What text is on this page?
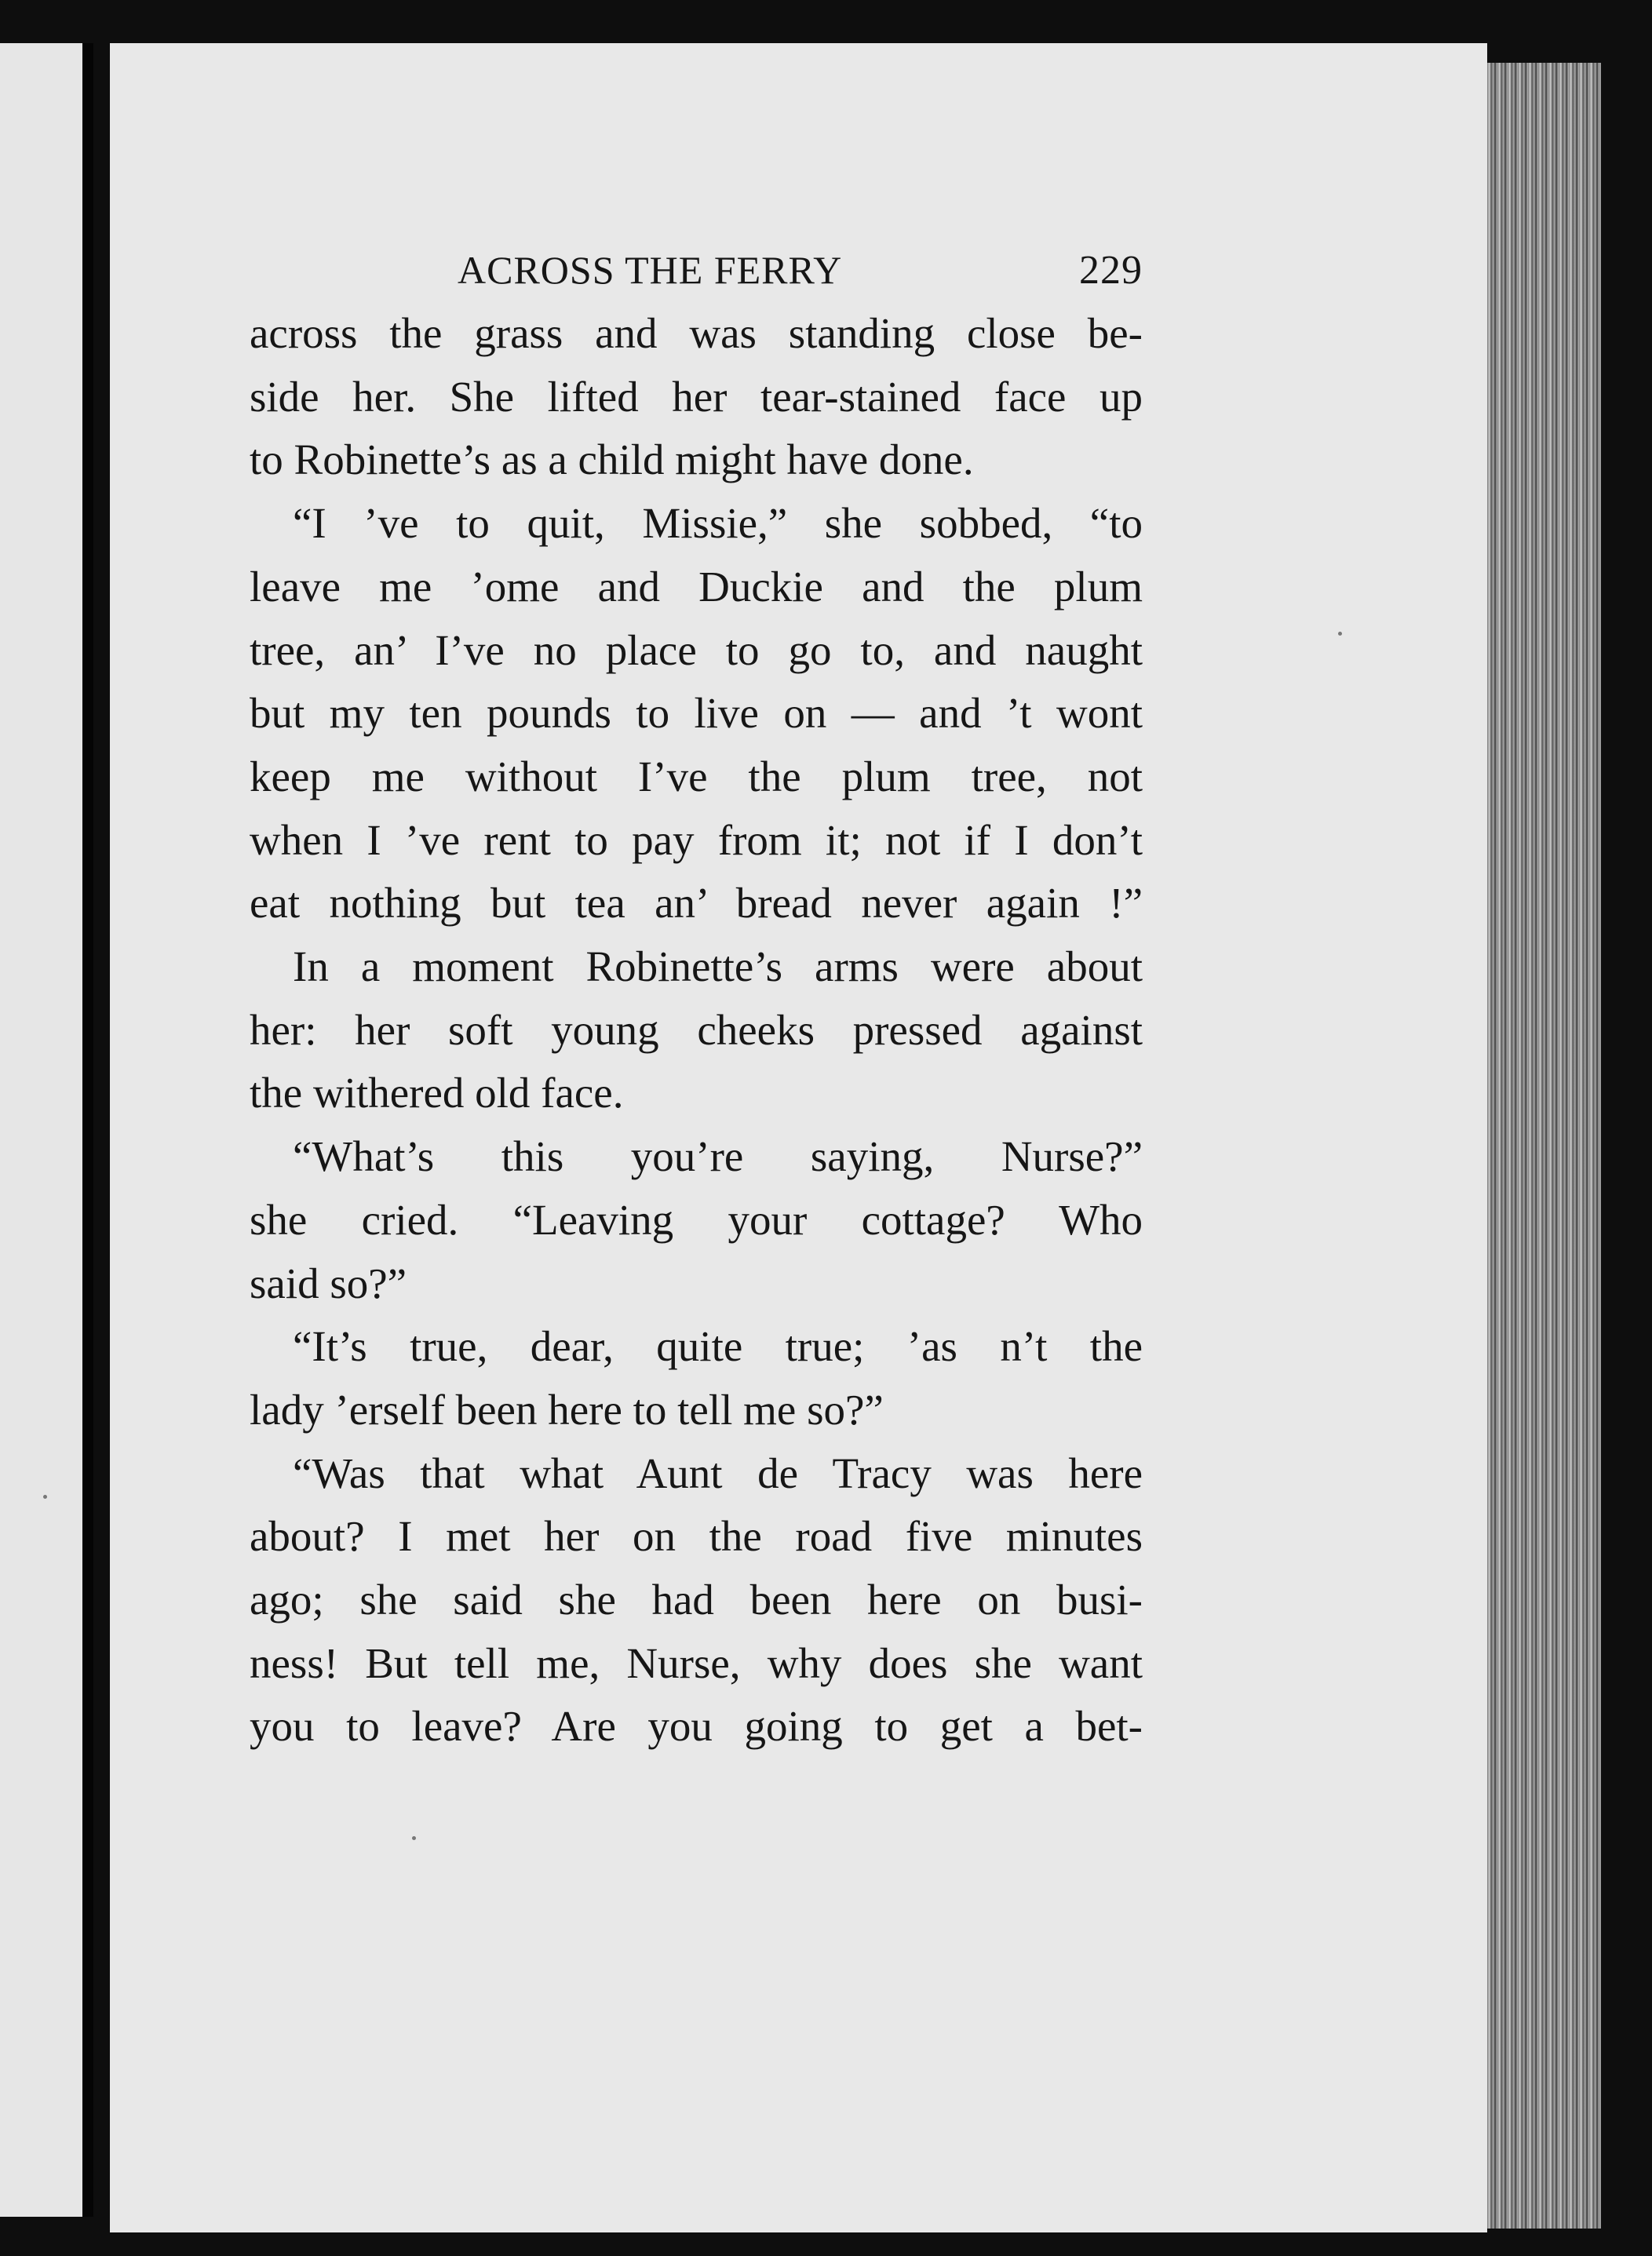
ACROSS THE FERRY	229
across the grass and was standing close be-
side her. She lifted her tear-stained face up
to Robinette’s as a child might have done.
“I ’ve to quit, Missie,” she sobbed, “to
leave me ’ome and Duckie and the plum
tree, an’ I’ve no place to go to, and naught
but my ten pounds to live on — and ’t wont
keep me without I’ve the plum tree, not
when I ’ve rent to pay from it; not if I don’t
eat nothing but tea an’ bread never again !”
In a moment Robinette’s arms were about
her: her soft young cheeks pressed against
the withered old face.
“What’s this you’re saying, Nurse?”
she cried. “Leaving your cottage? Who
said so?”
“It’s true, dear, quite true; ’as n’t the
lady ’erself been here to tell me so?”
“Was that what Aunt de Tracy was here
about? I met her on the road five minutes
ago; she said she had been here on busi-
ness! But tell me, Nurse, why does she want
you to leave? Are you going to get a bet-
